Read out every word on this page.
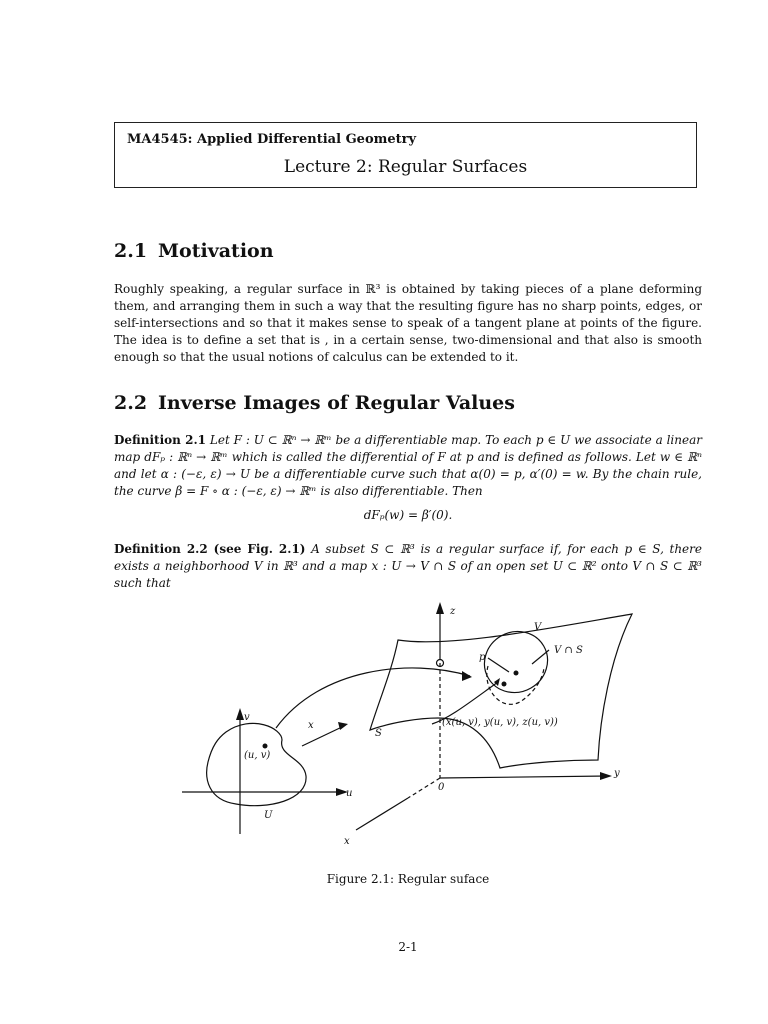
MA4545: Applied Differential Geometry
Lecture 2: Regular Surfaces
2.1 Motivation

Roughly speaking, a regular surface in ℝ³ is obtained by taking pieces of a plane deforming them, and arranging them in such a way that the resulting figure has no sharp points, edges, or self-intersections and so that it makes sense to speak of a tangent plane at points of the figure. The idea is to define a set that is , in a certain sense, two-dimensional and that also is smooth enough so that the usual notions of calculus can be extended to it.

2.2 Inverse Images of Regular Values

Definition 2.1 Let F : U ⊂ ℝⁿ → ℝᵐ be a differentiable map. To each p ∈ U we associate a linear map dFₚ : ℝⁿ → ℝᵐ which is called the differential of F at p and is defined as follows. Let w ∈ ℝⁿ and let α : (−ε, ε) → U be a differentiable curve such that α(0) = p, α′(0) = w. By the chain rule, the curve β = F ∘ α : (−ε, ε) → ℝᵐ is also differentiable. Then

dFₚ(w) = β′(0).

Definition 2.2 (see Fig. 2.1) A subset S ⊂ ℝ³ is a regular surface if, for each p ∈ S, there exists a neighborhood V in ℝ³ and a map x : U → V ∩ S of an open set U ⊂ ℝ² onto V ∩ S ⊂ ℝ³ such that

z
y
x
0
V
V ∩ S
p
S
(x(u, v), y(u, v), z(u, v))
v
u
x
(u, v)
U
Figure 2.1: Regular suface
2-1
